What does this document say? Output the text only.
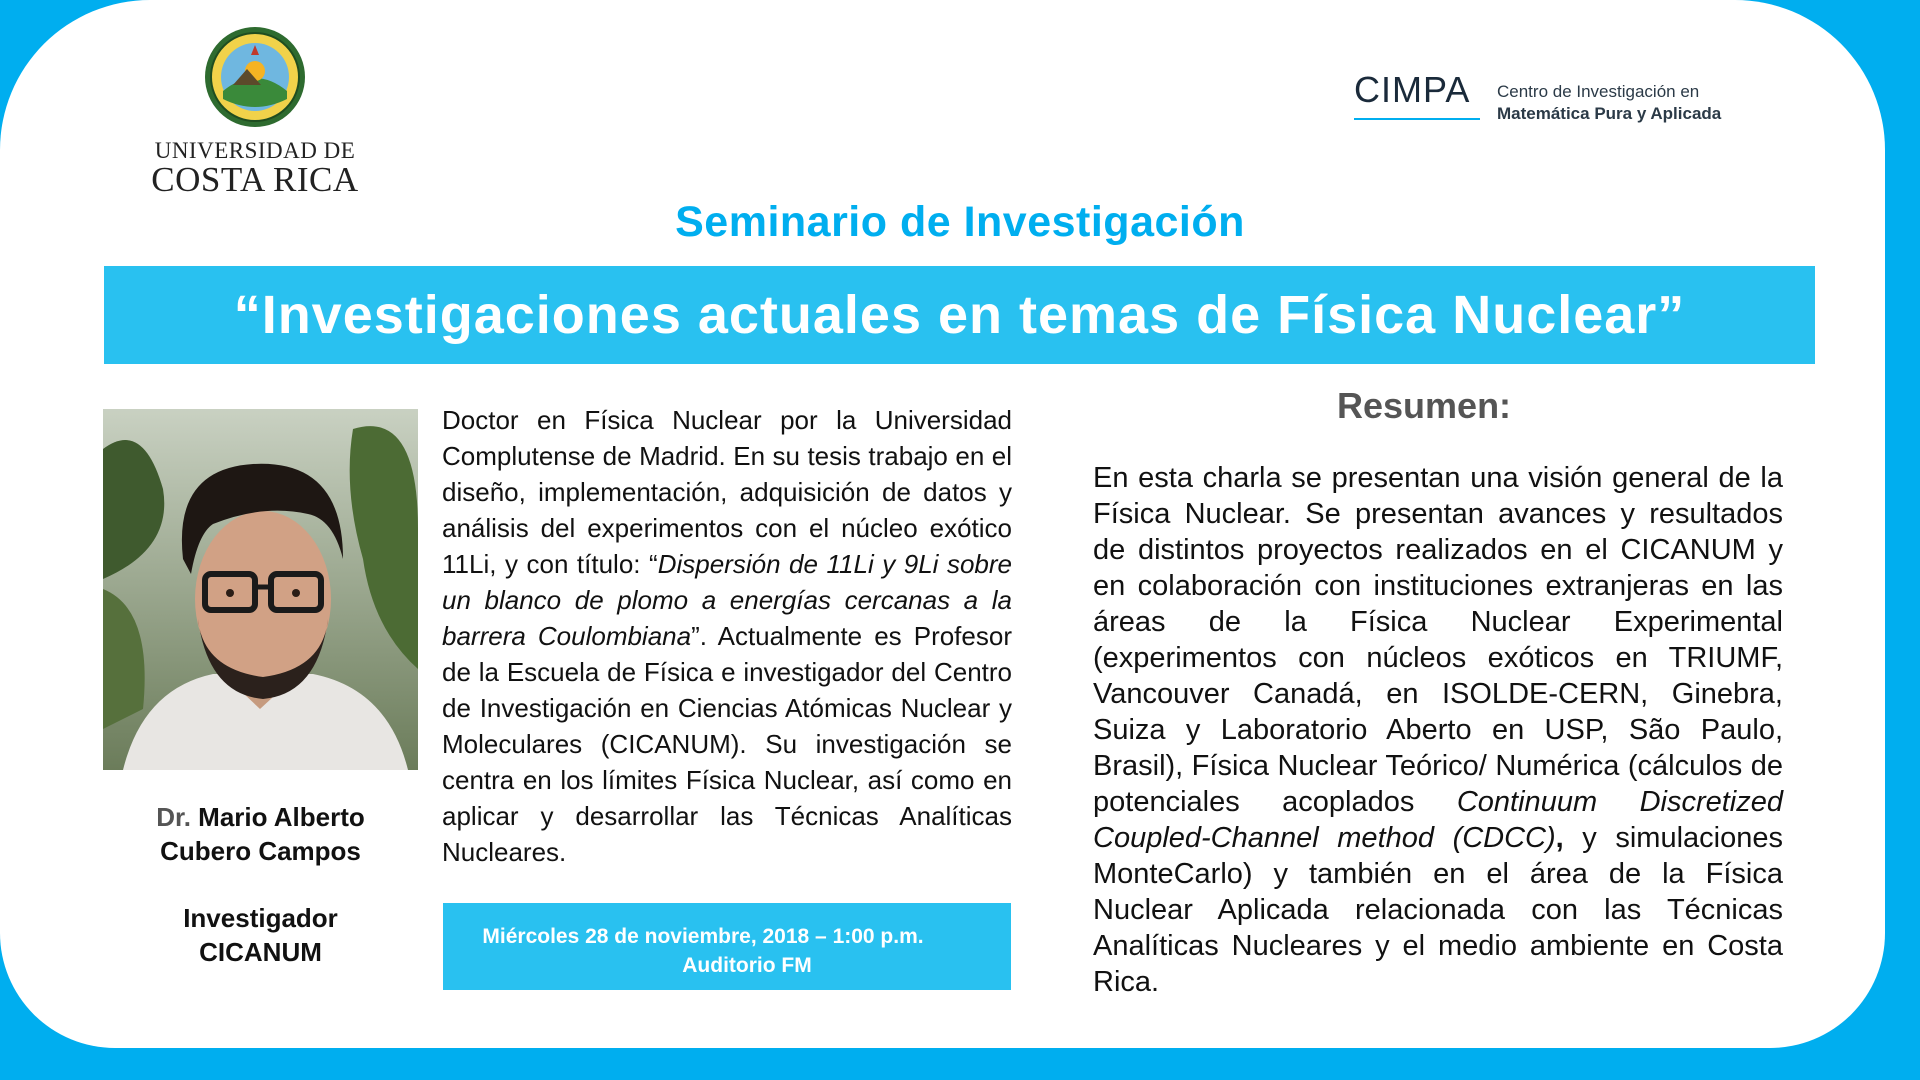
UNIVERSIDAD DE
COSTA RICA
CIMPA Centro de Investigación en
Matemática Pura y Aplicada
Seminario de Investigación
“Investigaciones actuales en temas de Física Nuclear”
Dr. Mario Alberto
Cubero Campos
Investigador
CICANUM
Doctor en Física Nuclear por la Universidad Complutense de Madrid. En su tesis trabajo en el diseño, implementación, adquisición de datos y análisis del experimentos con el núcleo exótico 11Li, y con título: “Dispersión de 11Li y 9Li sobre un blanco de plomo a energías cercanas a la barrera Coulombiana”. Actualmente es Profesor de la Escuela de Física e investigador del Centro de Investigación en Ciencias Atómicas Nuclear y Moleculares (CICANUM). Su investigación se centra en los límites Física Nuclear, así como en aplicar y desarrollar las Técnicas Analíticas Nucleares.
Miércoles 28 de noviembre, 2018 – 1:00 p.m.
Auditorio FM
Resumen:
En esta charla se presentan una visión general de la Física Nuclear. Se presentan avances y resultados de distintos proyectos realizados en el CICANUM y en colaboración con instituciones extranjeras en las áreas de la Física Nuclear Experimental (experimentos con núcleos exóticos en TRIUMF, Vancouver Canadá, en ISOLDE-CERN, Ginebra, Suiza y Laboratorio Aberto en USP, São Paulo, Brasil), Física Nuclear Teórico/ Numérica (cálculos de potenciales acoplados Continuum Discretized Coupled-Channel method (CDCC), y simulaciones MonteCarlo) y también en el área de la Física Nuclear Aplicada relacionada con las Técnicas Analíticas Nucleares y el medio ambiente en Costa Rica.
